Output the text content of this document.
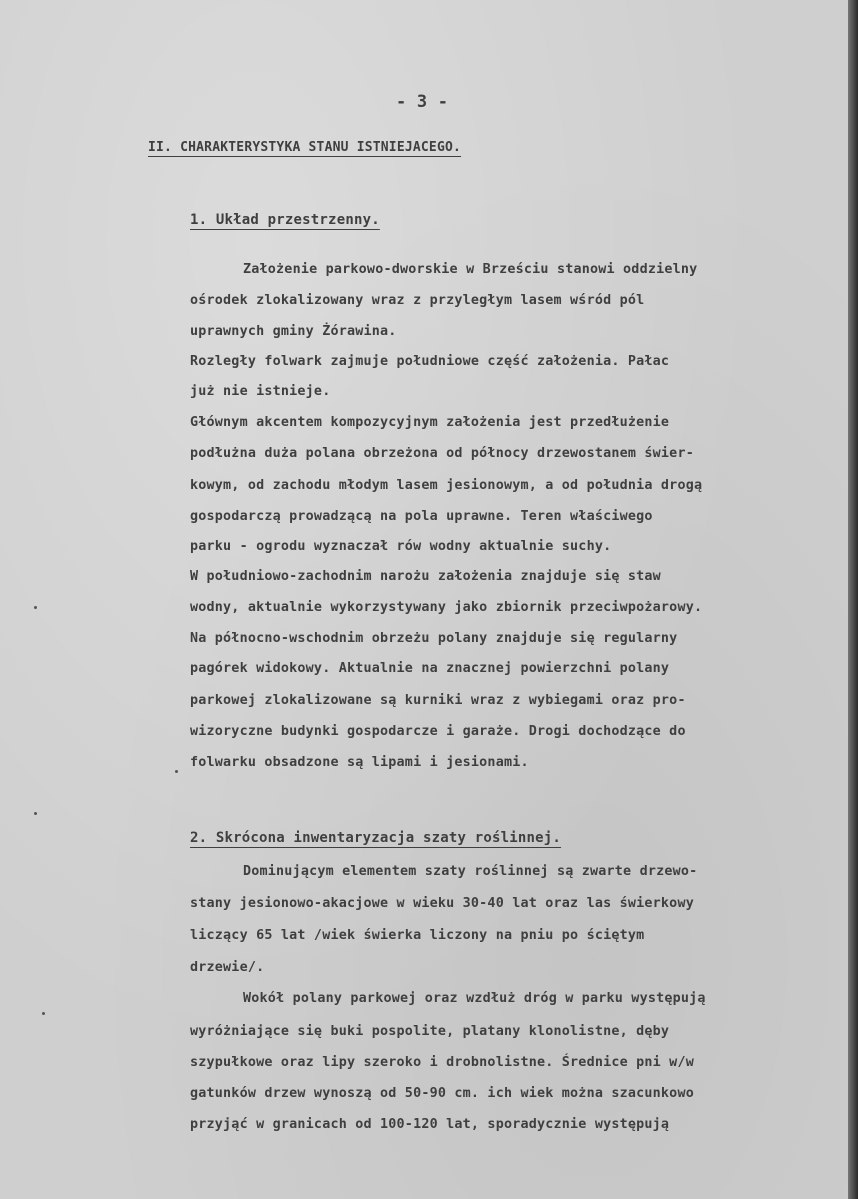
- 3 -
II. CHARAKTERYSTYKA STANU ISTNIEJACEGO.
1. Układ przestrzenny.
Założenie parkowo-dworskie w Brześciu stanowi oddzielny
ośrodek zlokalizowany wraz z przyległym lasem wśród pól
uprawnych gminy Żórawina.
Rozległy folwark zajmuje południowe część założenia. Pałac
już nie istnieje.
Głównym akcentem kompozycyjnym założenia jest przedłużenie
podłużna duża polana obrzeżona od północy drzewostanem świer-
kowym, od zachodu młodym lasem jesionowym, a od południa drogą
gospodarczą prowadzącą na pola uprawne. Teren właściwego
parku - ogrodu wyznaczał rów wodny aktualnie suchy.
W południowo-zachodnim narożu założenia znajduje się staw
wodny, aktualnie wykorzystywany jako zbiornik przeciwpożarowy.
Na północno-wschodnim obrzeżu polany znajduje się regularny
pagórek widokowy. Aktualnie na znacznej powierzchni polany
parkowej zlokalizowane są kurniki wraz z wybiegami oraz pro-
wizoryczne budynki gospodarcze i garaże. Drogi dochodzące do
folwarku obsadzone są lipami i jesionami.
2. Skrócona inwentaryzacja szaty roślinnej.
Dominującym elementem szaty roślinnej są zwarte drzewo-
stany jesionowo-akacjowe w wieku 30-40 lat oraz las świerkowy
liczący 65 lat /wiek świerka liczony na pniu po ściętym
drzewie/.
Wokół polany parkowej oraz wzdłuż dróg w parku występują
wyróżniające się buki pospolite, platany klonolistne, dęby
szypułkowe oraz lipy szeroko i drobnolistne. Średnice pni w/w
gatunków drzew wynoszą od 50-90 cm. ich wiek można szacunkowo
przyjąć w granicach od 100-120 lat, sporadycznie występują
